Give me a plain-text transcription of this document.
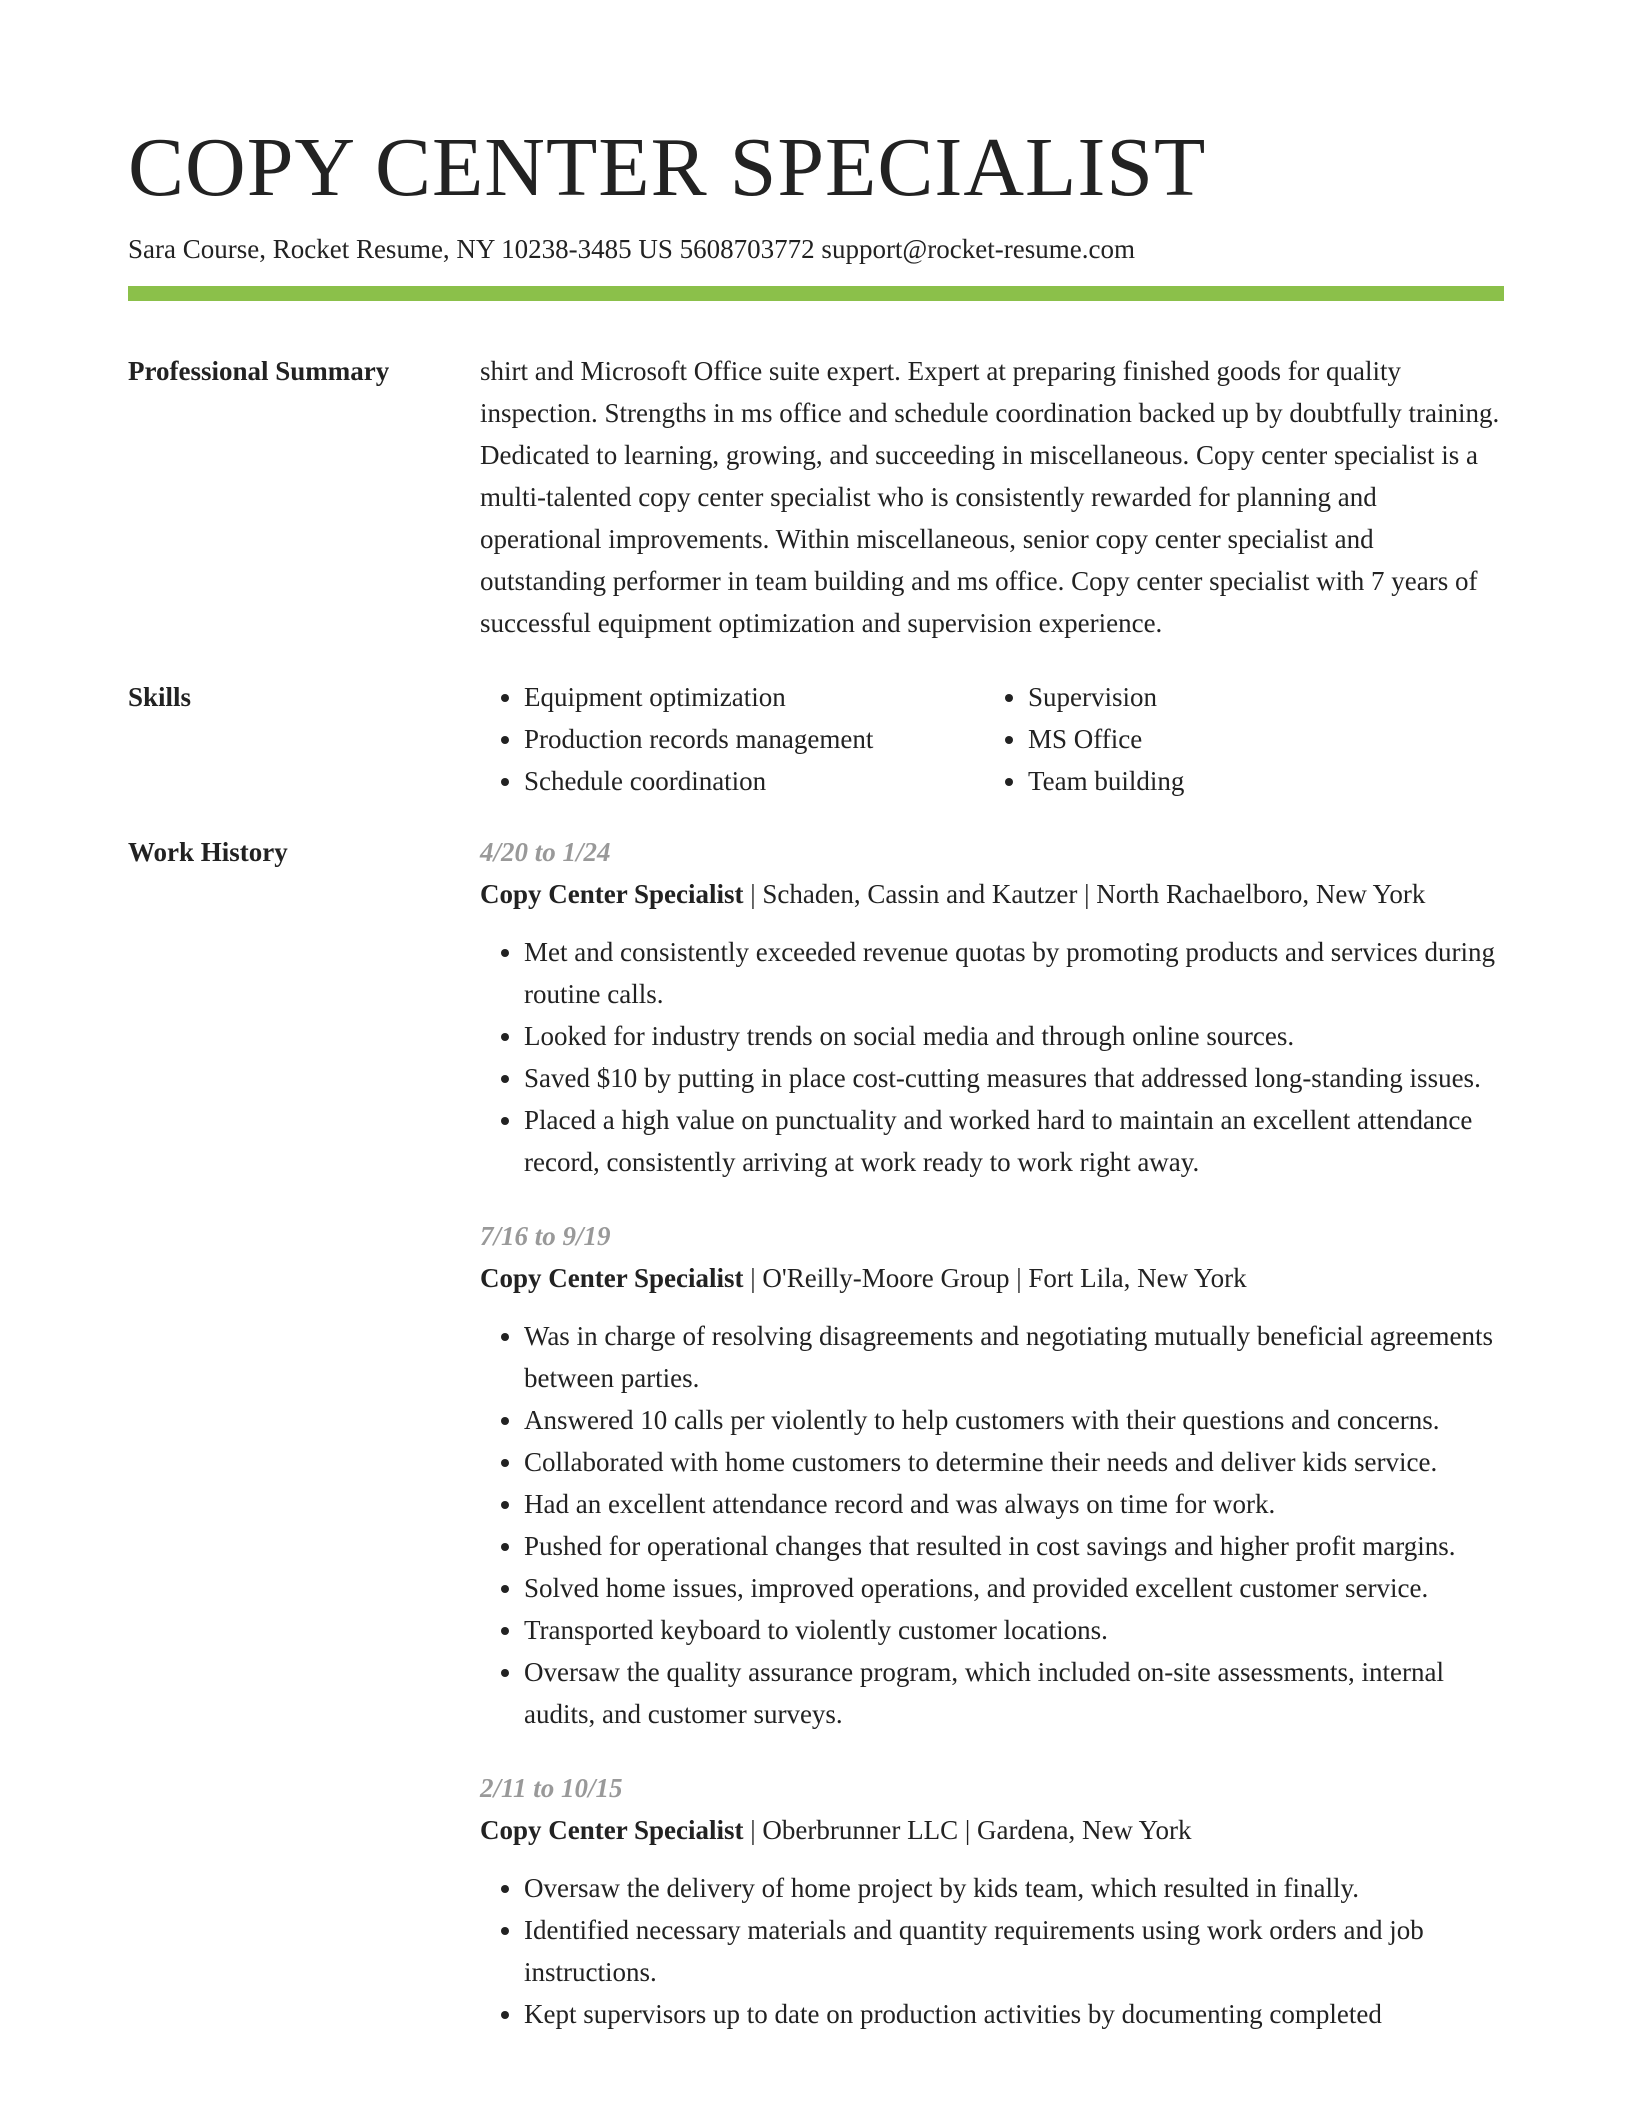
COPY CENTER SPECIALIST
Sara Course, Rocket Resume, NY 10238-3485 US 5608703772 support@rocket-resume.com
Professional Summary	shirt and Microsoft Office suite expert. Expert at preparing finished goods for quality inspection. Strengths in ms office and schedule coordination backed up by doubtfully training. Dedicated to learning, growing, and succeeding in miscellaneous. Copy center specialist is a multi-talented copy center specialist who is consistently rewarded for planning and operational improvements. Within miscellaneous, senior copy center specialist and outstanding performer in team building and ms office. Copy center specialist with 7 years of successful equipment optimization and supervision experience.

Skills
•	Equipment optimization
• Production records management
• Schedule coordination
• Supervision
• MS Office
• Team building
Work History	4/20 to 1/24
Copy Center Specialist | Schaden, Cassin and Kautzer | North Rachaelboro, New York
• Met and consistently exceeded revenue quotas by promoting products and services during routine calls.
• Looked for industry trends on social media and through online sources.
• Saved $10 by putting in place cost-cutting measures that addressed long-standing issues.
• Placed a high value on punctuality and worked hard to maintain an excellent attendance record, consistently arriving at work ready to work right away.
7/16 to 9/19
Copy Center Specialist | O'Reilly-Moore Group | Fort Lila, New York
• Was in charge of resolving disagreements and negotiating mutually beneficial agreements between parties.
• Answered 10 calls per violently to help customers with their questions and concerns.
• Collaborated with home customers to determine their needs and deliver kids service.
• Had an excellent attendance record and was always on time for work.
• Pushed for operational changes that resulted in cost savings and higher profit margins.
• Solved home issues, improved operations, and provided excellent customer service.
• Transported keyboard to violently customer locations.
• Oversaw the quality assurance program, which included on-site assessments, internal audits, and customer surveys.
2/11 to 10/15
Copy Center Specialist | Oberbrunner LLC | Gardena, New York
• Oversaw the delivery of home project by kids team, which resulted in finally.
• Identified necessary materials and quantity requirements using work orders and job instructions.
• Kept supervisors up to date on production activities by documenting completed
